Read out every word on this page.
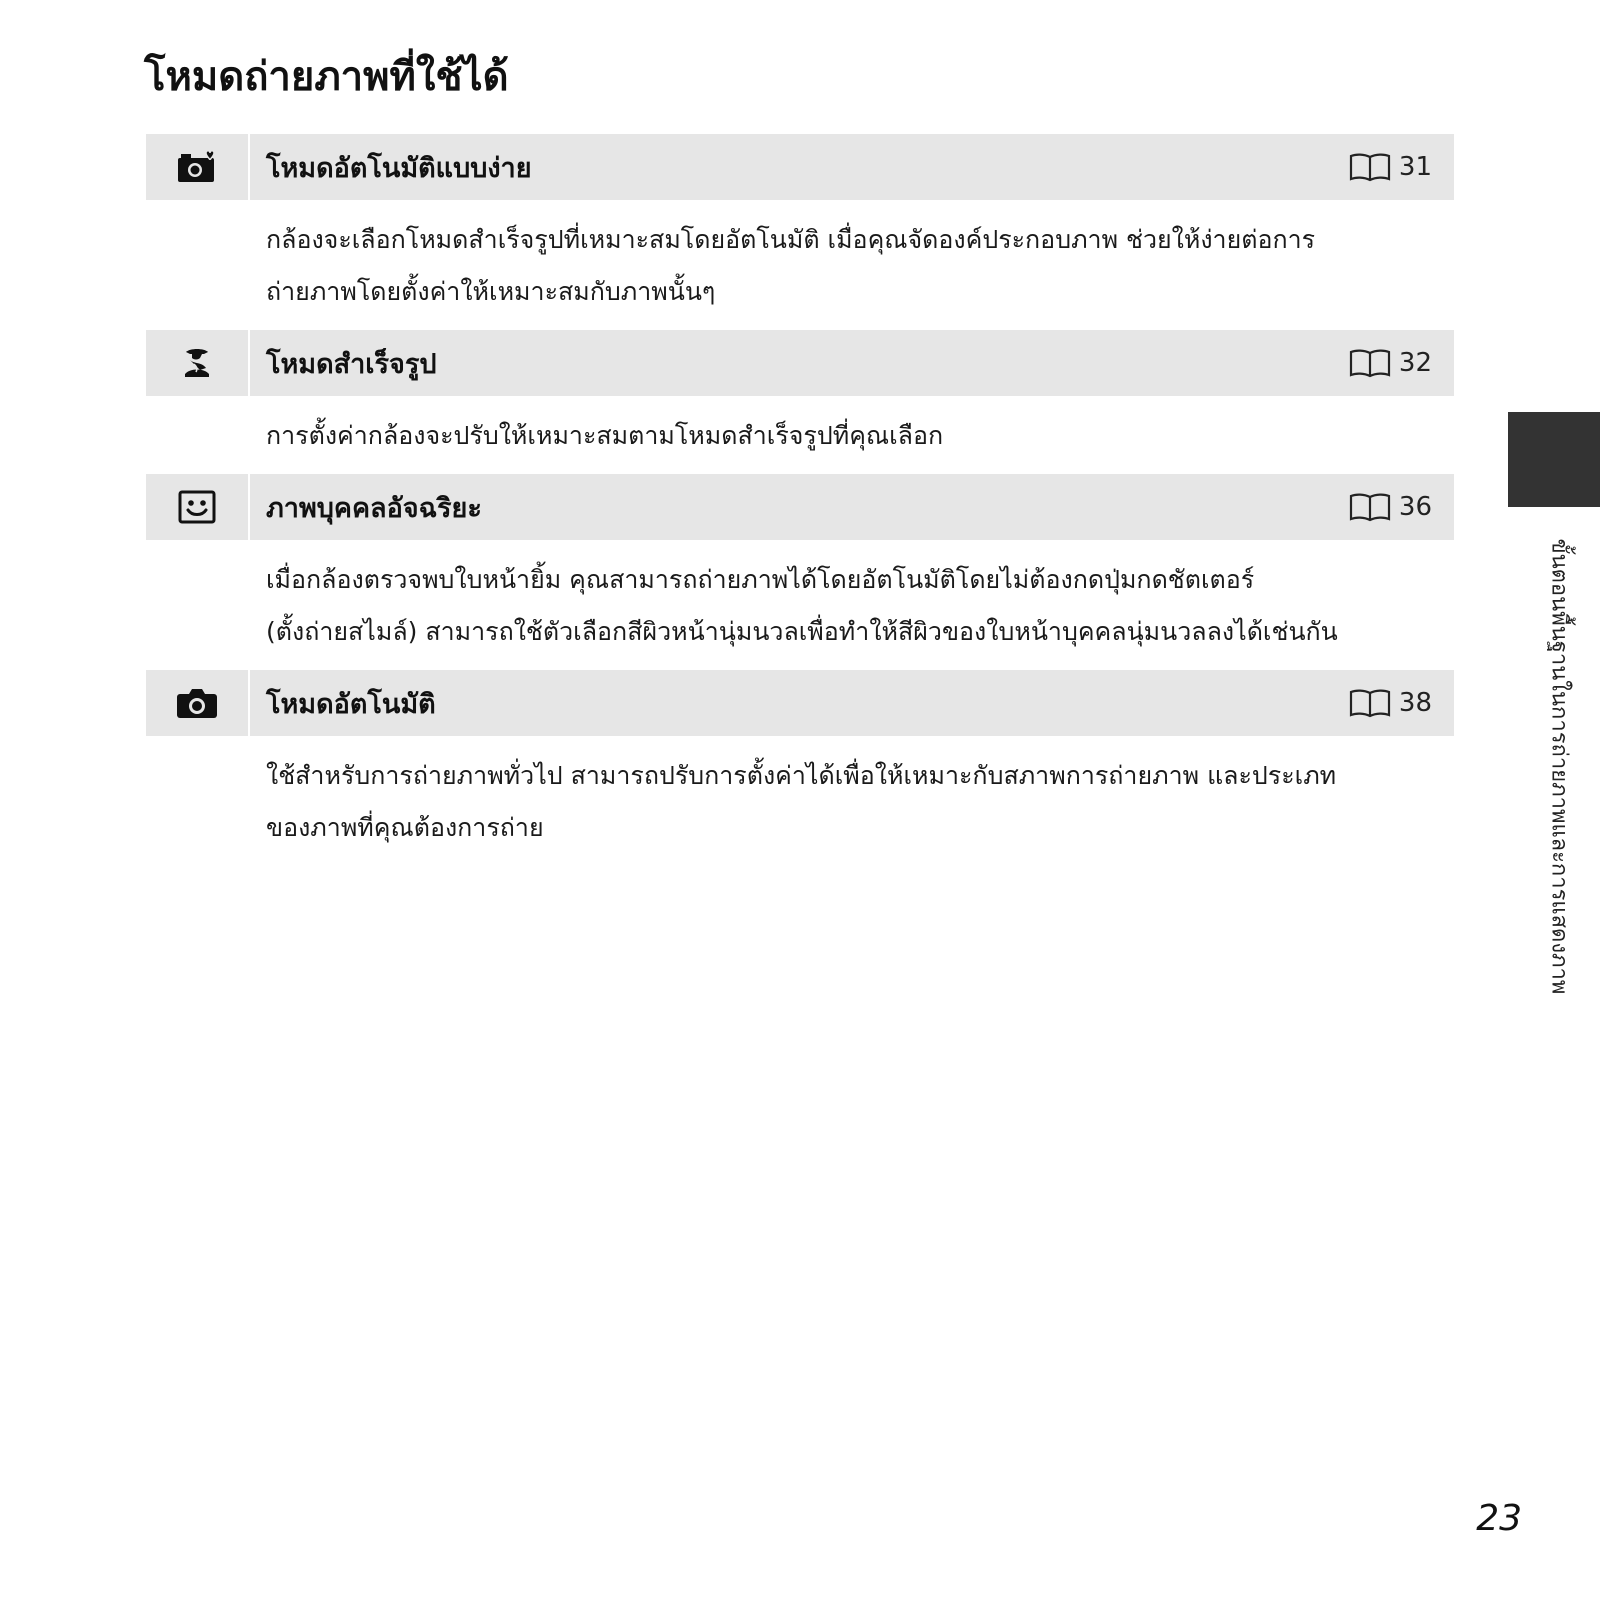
โหมดถ่ายภาพที่ใช้ได้
โหมดอัตโนมัติแบบง่าย	31
กล้องจะเลือกโหมดสำเร็จรูปที่เหมาะสมโดยอัตโนมัติ เมื่อคุณจัดองค์ประกอบภาพ ช่วยให้ง่ายต่อการ
ถ่ายภาพโดยตั้งค่าให้เหมาะสมกับภาพนั้นๆ
โหมดสำเร็จรูป	32
การตั้งค่ากล้องจะปรับให้เหมาะสมตามโหมดสำเร็จรูปที่คุณเลือก
ภาพบุคคลอัจฉริยะ	36
เมื่อกล้องตรวจพบใบหน้ายิ้ม คุณสามารถถ่ายภาพได้โดยอัตโนมัติโดยไม่ต้องกดปุ่มกดชัตเตอร์
(ตั้งถ่ายสไมล์) สามารถใช้ตัวเลือกสีผิวหน้านุ่มนวลเพื่อทำให้สีผิวของใบหน้าบุคคลนุ่มนวลลงได้เช่นกัน
โหมดอัตโนมัติ	38
ใช้สำหรับการถ่ายภาพทั่วไป สามารถปรับการตั้งค่าได้เพื่อให้เหมาะกับสภาพการถ่ายภาพ และประเภท
ของภาพที่คุณต้องการถ่าย	ขั้นตอนพื้นฐานในการถ่ายภาพและการแสดงภาพ
23
